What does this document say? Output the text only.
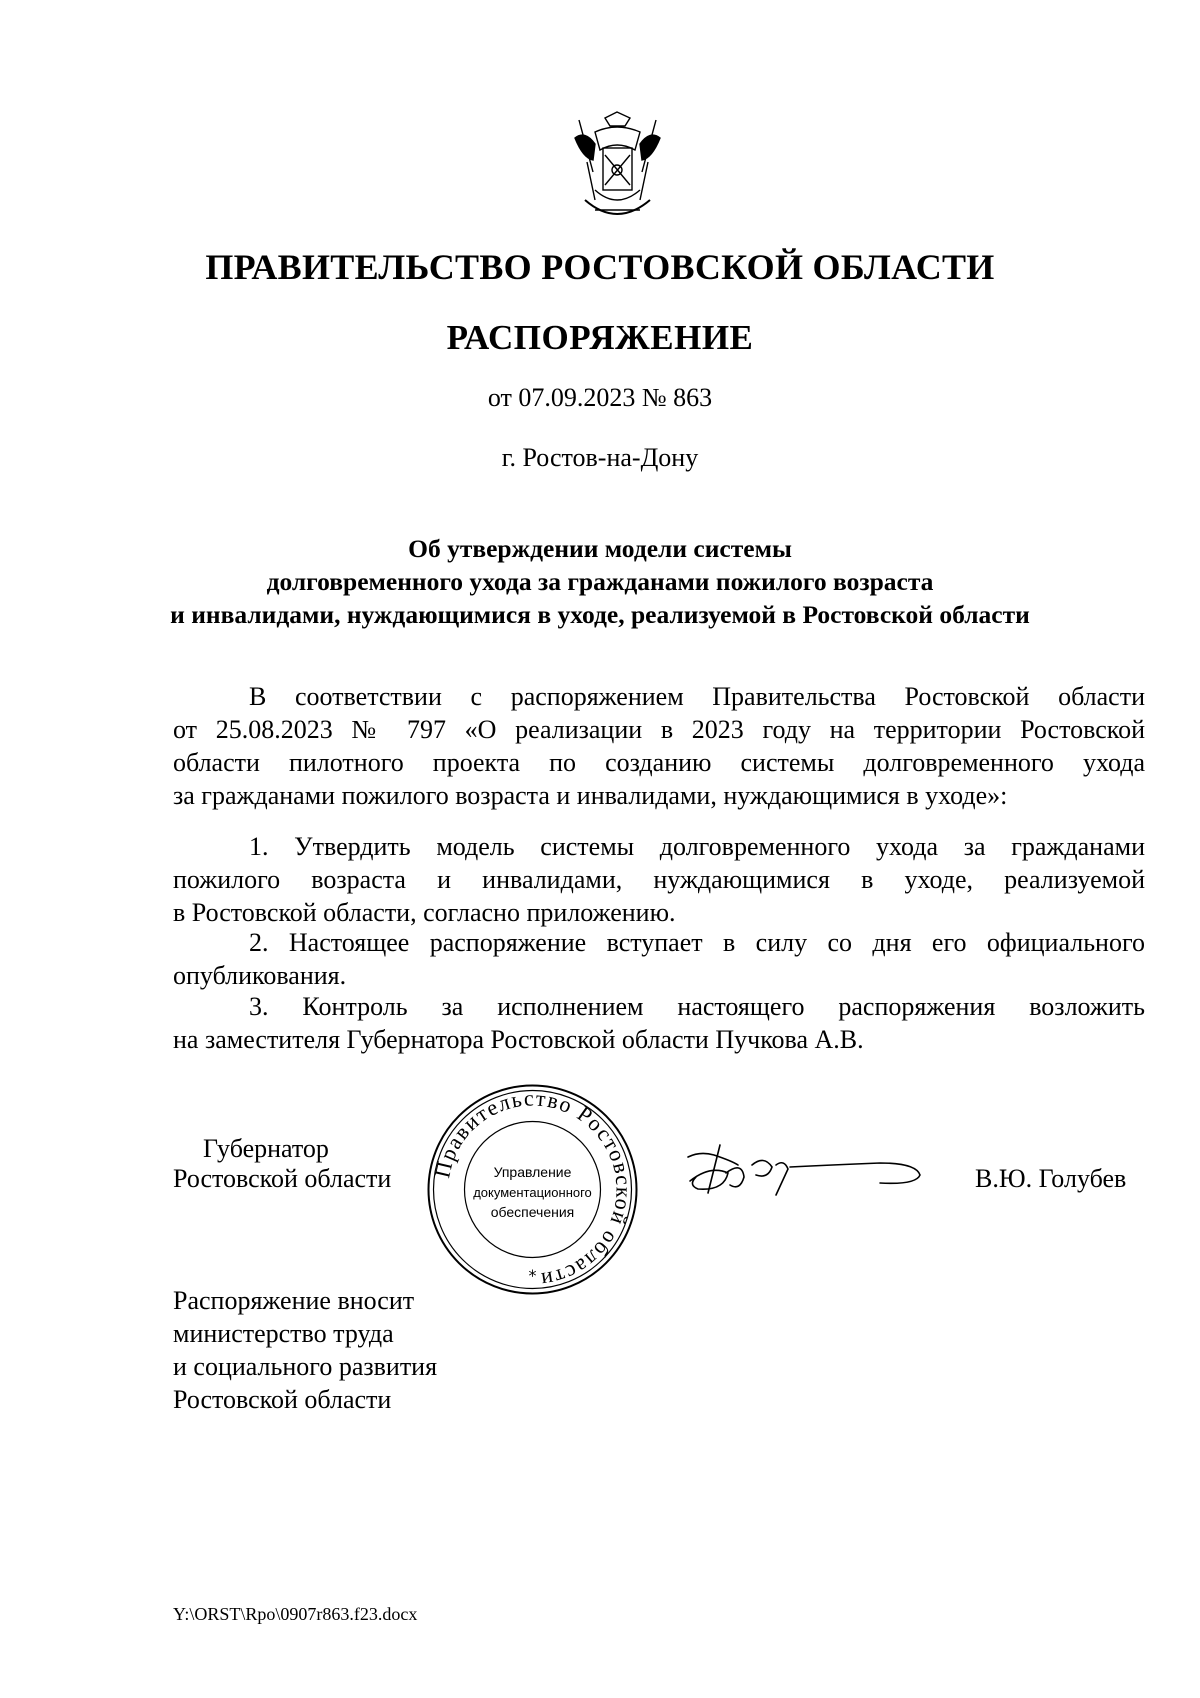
ПРАВИТЕЛЬСТВО РОСТОВСКОЙ ОБЛАСТИ
РАСПОРЯЖЕНИЕ
от 07.09.2023 № 863
г. Ростов-на-Дону
Об утверждении модели системы
долговременного ухода за гражданами пожилого возраста
и инвалидами, нуждающимися в уходе, реализуемой в Ростовской области
В соответствии с распоряжением Правительства Ростовской области
от 25.08.2023 № 797 «О реализации в 2023 году на территории Ростовской
области пилотного проекта по созданию системы долговременного ухода
за гражданами пожилого возраста и инвалидами, нуждающимися в уходе»:
1. Утвердить модель системы долговременного ухода за гражданами
пожилого возраста и инвалидами, нуждающимися в уходе, реализуемой
в Ростовской области, согласно приложению.
2. Настоящее распоряжение вступает в силу со дня его официального
опубликования.
3. Контроль за исполнением настоящего распоряжения возложить
на заместителя Губернатора Ростовской области Пучкова А.В.
Губернатор
Ростовской области	В.Ю. Голубев
Правительство Ростовской области
Управление
документационного
обеспечения
*
Распоряжение вносит
министерство труда
и социального развития
Ростовской области
Y:\ORST\Rpo\0907r863.f23.docx
